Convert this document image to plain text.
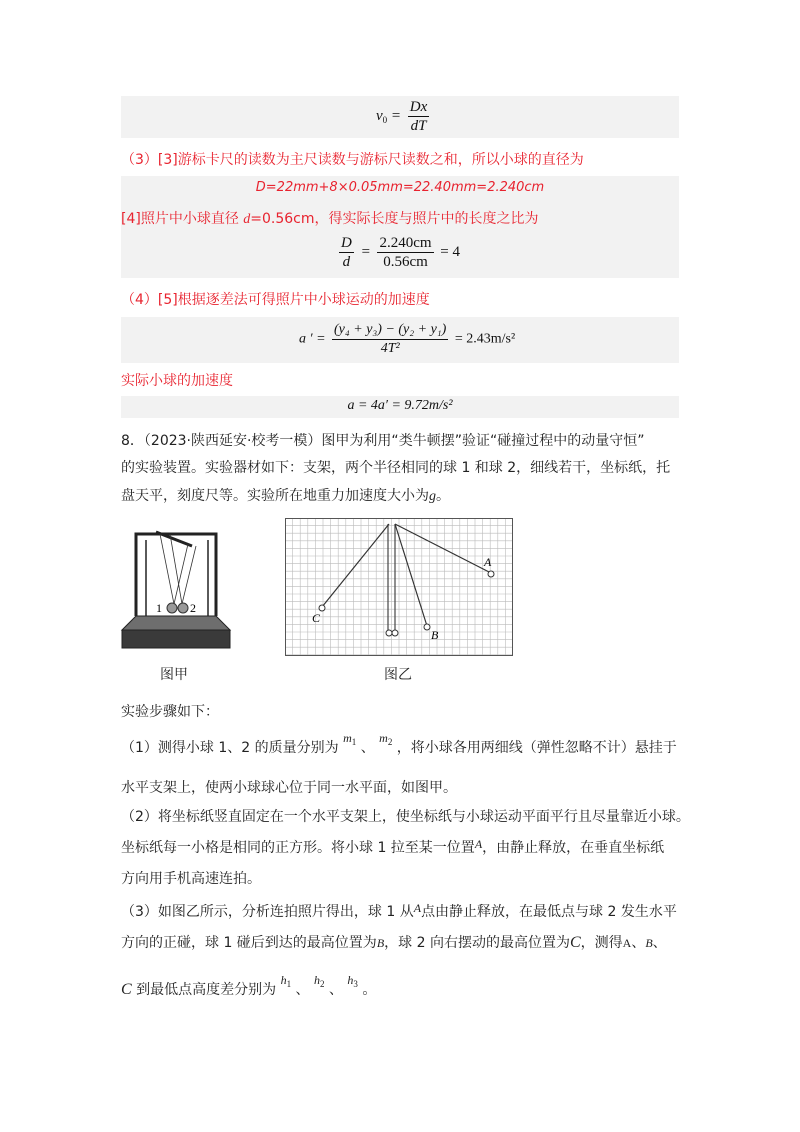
$v_0 = \frac{Dx}{dT}$
（3）[3]游标卡尺的读数为主尺读数与游标尺读数之和，所以小球的直径为
D=22mm+8×0.05mm=22.40mm=2.240cm
[4]照片中小球直径 d=0.56cm，得实际长度与照片中的长度之比为
$\frac{D}{d} = \frac{2.240cm}{0.56cm} = 4$
（4）[5]根据逐差法可得照片中小球运动的加速度
a ′ = $\frac{\text{(y₄ + y₃) − (y₂ + y₁)}}{\text{4T²}} = 2.43m/s^2$
实际小球的加速度
a = 4a′ = 9.72m/s²
8．（2023·陕西延安·校考一模）图甲为利用“类牛顿摆”验证“碰撞过程中的动量守恒”
的实验装置。实验器材如下：支架，两个半径相同的球 1 和球 2，细线若干，坐标纸，托
盘天平，刻度尺等。实验所在地重力加速度大小为g。
1 2
图甲
A
B
C
图乙
实验步骤如下：
（1）测得小球 1、2 的质量分别为 $m_1$ 、 $m_2$ ，将小球各用两细线（弹性忽略不计）悬挂于
水平支架上，使两小球球心位于同一水平面，如图甲。
（2）将坐标纸竖直固定在一个水平支架上，使坐标纸与小球运动平面平行且尽量靠近小球。
坐标纸每一小格是相同的正方形。将小球 1 拉至某一位置A，由静止释放，在垂直坐标纸
方向用手机高速连拍。
（3）如图乙所示，分析连拍照片得出，球 1 从A点由静止释放，在最低点与球 2 发生水平
方向的正碰，球 1 碰后到达的最高位置为B，球 2 向右摆动的最高位置为C，测得A、B、
C 到最低点高度差分别为 $h_1$ 、 $h_2$ 、 $h_3$ 。
